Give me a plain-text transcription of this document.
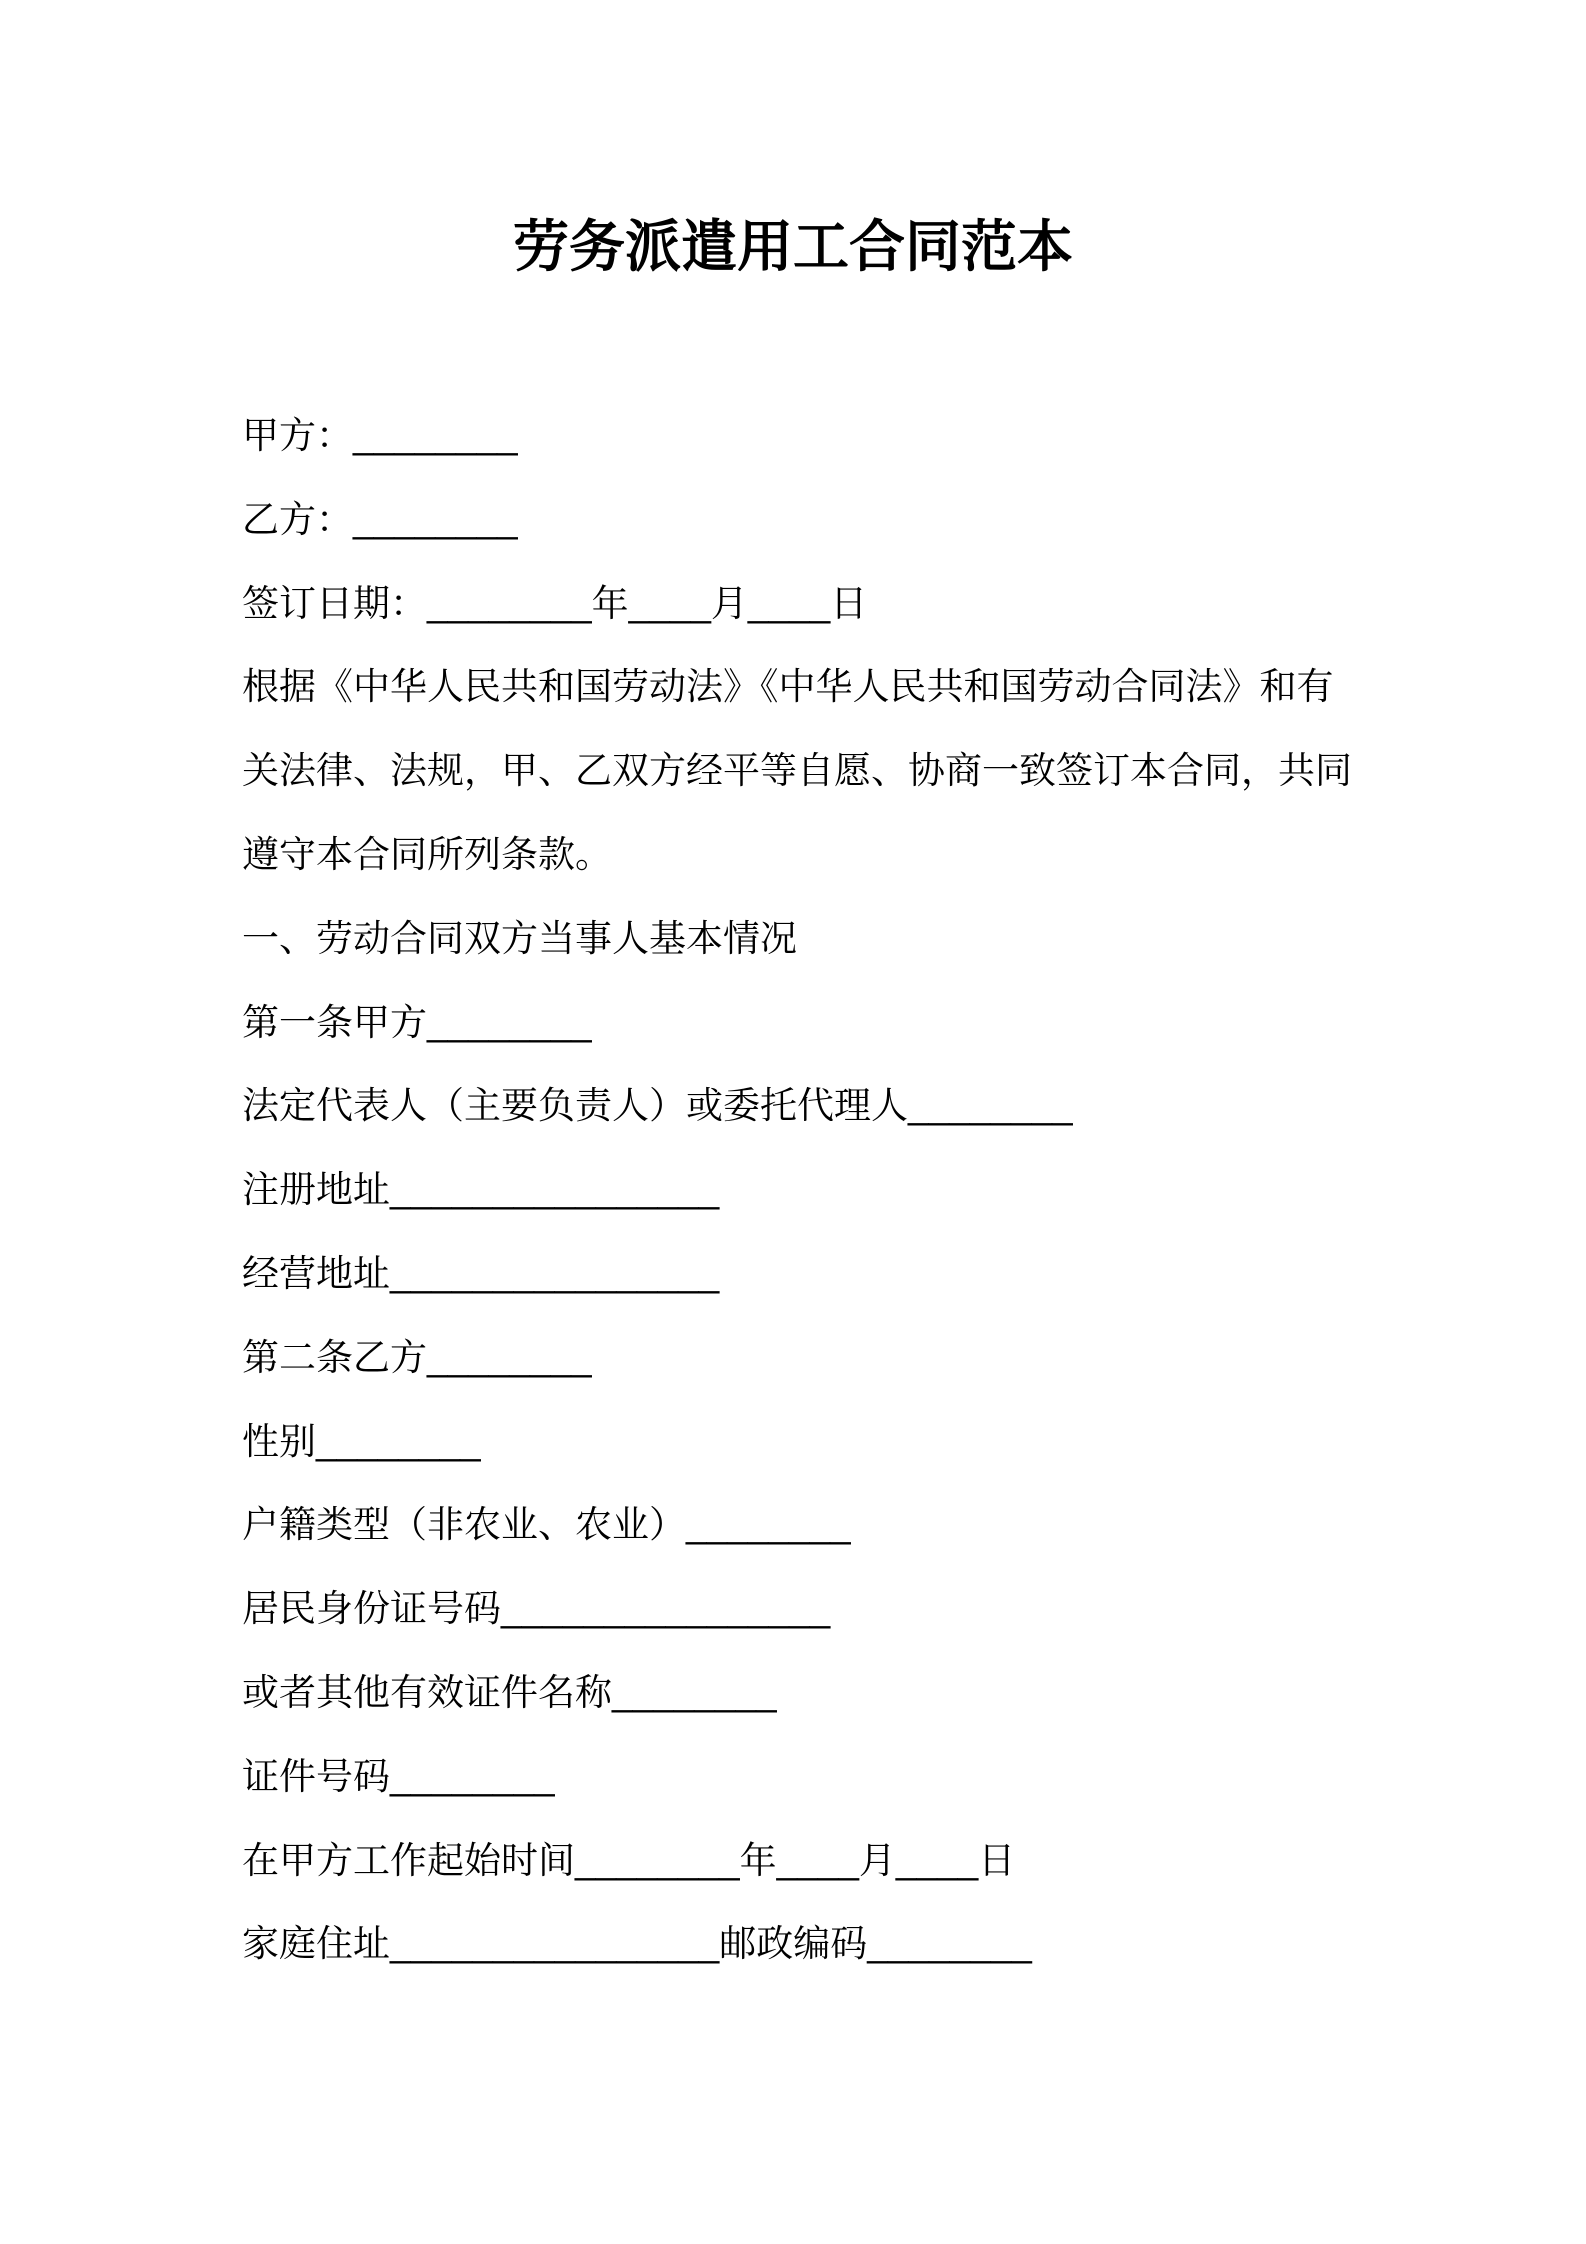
劳务派遣用工合同范本
甲方：________
乙方：________
签订日期：________年____月____日
根据《中华人民共和国劳动法》《中华人民共和国劳动合同法》和有关法律、法规，甲、乙双方经平等自愿、协商一致签订本合同，共同遵守本合同所列条款。
一、劳动合同双方当事人基本情况
第一条甲方________
法定代表人（主要负责人）或委托代理人________
注册地址________________
经营地址________________
第二条乙方________
性别________
户籍类型（非农业、农业）________
居民身份证号码________________
或者其他有效证件名称________
证件号码________
在甲方工作起始时间________年____月____日
家庭住址________________邮政编码________
